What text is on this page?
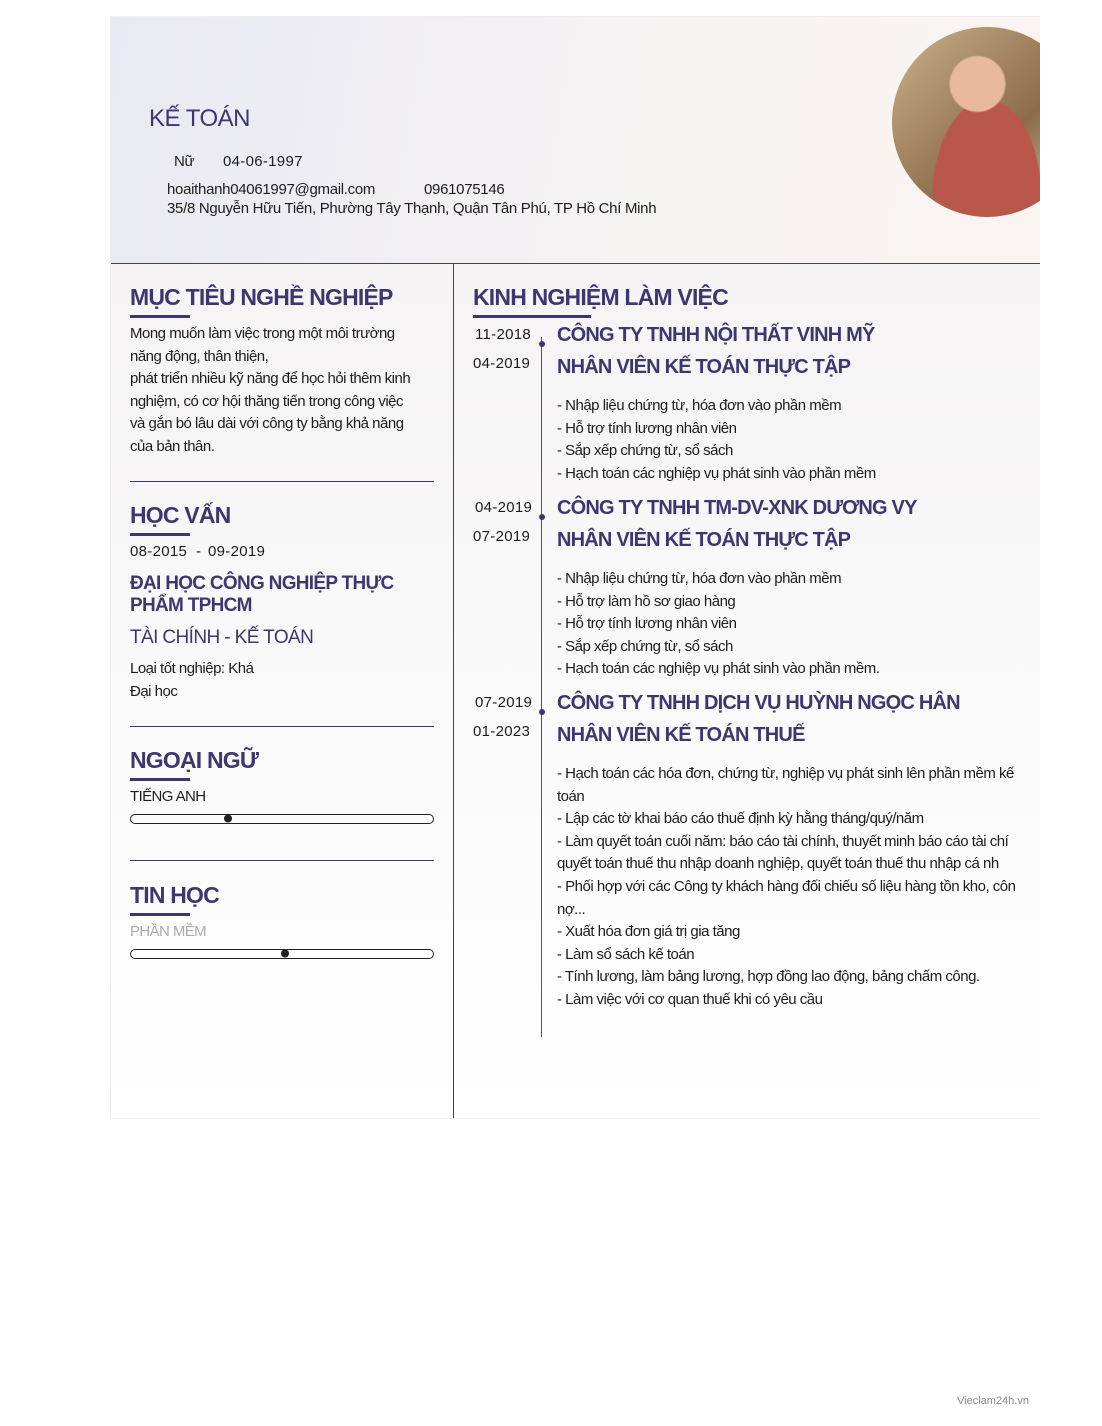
KẾ TOÁN
Nữ 04-06-1997
hoaithanh04061997@gmail.com	0961075146
35/8 Nguyễn Hữu Tiến, Phường Tây Thạnh, Quận Tân Phú, TP Hồ Chí Minh
MỤC TIÊU NGHỀ NGHIỆP
Mong muốn làm việc trong một môi trường
năng động, thân thiện,
phát triển nhiều kỹ năng để học hỏi thêm kinh
nghiệm, có cơ hội thăng tiến trong công việc
và gắn bó lâu dài với công ty bằng khả năng
của bản thân.
HỌC VẤN
08-2015 - 09-2019
ĐẠI HỌC CÔNG NGHIỆP THỰC PHẨM TPHCM
TÀI CHÍNH - KẾ TOÁN
Loại tốt nghiệp: Khá
Đại học
NGOẠI NGỮ
TIẾNG ANH
TIN HỌC
PHẦN MỀM
KINH NGHIỆM LÀM VIỆC
11-2018
04-2019
CÔNG TY TNHH NỘI THẤT VINH MỸ
NHÂN VIÊN KẾ TOÁN THỰC TẬP
- Nhập liệu chứng từ, hóa đơn vào phần mềm
- Hỗ trợ tính lương nhân viên
- Sắp xếp chứng từ, sổ sách
- Hạch toán các nghiệp vụ phát sinh vào phần mềm
04-2019
07-2019
CÔNG TY TNHH TM-DV-XNK DƯƠNG VY
NHÂN VIÊN KẾ TOÁN THỰC TẬP
- Nhập liệu chứng từ, hóa đơn vào phần mềm
- Hỗ trợ làm hồ sơ giao hàng
- Hỗ trợ tính lương nhân viên
- Sắp xếp chứng từ, sổ sách
- Hạch toán các nghiệp vụ phát sinh vào phần mềm.
07-2019
01-2023
CÔNG TY TNHH DỊCH VỤ HUỲNH NGỌC HÂN
NHÂN VIÊN KẾ TOÁN THUẾ
- Hạch toán các hóa đơn, chứng từ, nghiệp vụ phát sinh lên phần mềm kế
toán
- Lập các tờ khai báo cáo thuế định kỳ hằng tháng/quý/năm
- Làm quyết toán cuối năm: báo cáo tài chính, thuyết minh báo cáo tài chí
quyết toán thuế thu nhập doanh nghiệp, quyết toán thuế thu nhập cá nh
- Phối hợp với các Công ty khách hàng đối chiếu số liệu hàng tồn kho, côn
nợ...
- Xuất hóa đơn giá trị gia tăng
- Làm sổ sách kế toán
- Tính lương, làm bảng lương, hợp đồng lao động, bảng chấm công.
- Làm việc với cơ quan thuế khi có yêu cầu
Vieclam24h.vn
